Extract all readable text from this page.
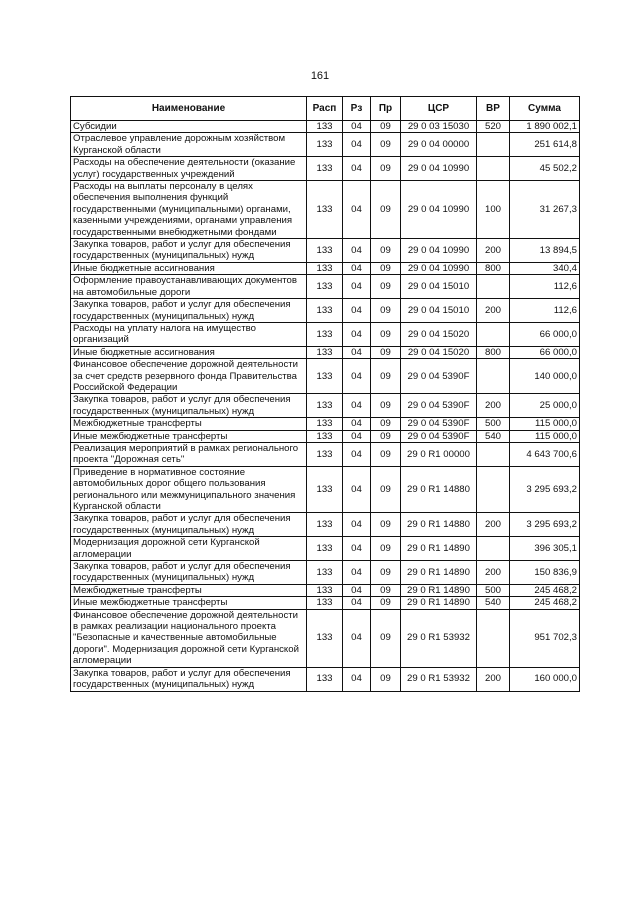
161
Наименование	Расп	Рз	Пр	ЦСР	ВР	Сумма
Субсидии	133	04	09	29 0 03 15030	520	1 890 002,1
Отраслевое управление дорожным хозяйством Курганской области	133	04	09	29 0 04 00000		251 614,8
Расходы на обеспечение деятельности (оказание услуг) государственных учреждений	133	04	09	29 0 04 10990		45 502,2
Расходы на выплаты персоналу в целях обеспечения выполнения функций государственными (муниципальными) органами, казенными учреждениями, органами управления государственными внебюджетными фондами	133	04	09	29 0 04 10990	100	31 267,3
Закупка товаров, работ и услуг для обеспечения государственных (муниципальных) нужд	133	04	09	29 0 04 10990	200	13 894,5
Иные бюджетные ассигнования	133	04	09	29 0 04 10990	800	340,4
Оформление правоустанавливающих документов на автомобильные дороги	133	04	09	29 0 04 15010		112,6
Закупка товаров, работ и услуг для обеспечения государственных (муниципальных) нужд	133	04	09	29 0 04 15010	200	112,6
Расходы на уплату налога на имущество организаций	133	04	09	29 0 04 15020		66 000,0
Иные бюджетные ассигнования	133	04	09	29 0 04 15020	800	66 000,0
Финансовое обеспечение дорожной деятельности за счет средств резервного фонда Правительства Российской Федерации	133	04	09	29 0 04 5390F		140 000,0
Закупка товаров, работ и услуг для обеспечения государственных (муниципальных) нужд	133	04	09	29 0 04 5390F	200	25 000,0
Межбюджетные трансферты	133	04	09	29 0 04 5390F	500	115 000,0
Иные межбюджетные трансферты	133	04	09	29 0 04 5390F	540	115 000,0
Реализация мероприятий в рамках регионального проекта "Дорожная сеть"	133	04	09	29 0 R1 00000		4 643 700,6
Приведение в нормативное состояние автомобильных дорог общего пользования регионального или межмуниципального значения Курганской области	133	04	09	29 0 R1 14880		3 295 693,2
Закупка товаров, работ и услуг для обеспечения государственных (муниципальных) нужд	133	04	09	29 0 R1 14880	200	3 295 693,2
Модернизация дорожной сети Курганской агломерации	133	04	09	29 0 R1 14890		396 305,1
Закупка товаров, работ и услуг для обеспечения государственных (муниципальных) нужд	133	04	09	29 0 R1 14890	200	150 836,9
Межбюджетные трансферты	133	04	09	29 0 R1 14890	500	245 468,2
Иные межбюджетные трансферты	133	04	09	29 0 R1 14890	540	245 468,2
Финансовое обеспечение дорожной деятельности в рамках реализации национального проекта "Безопасные и качественные автомобильные дороги". Модернизация дорожной сети Курганской агломерации	133	04	09	29 0 R1 53932		951 702,3
Закупка товаров, работ и услуг для обеспечения государственных (муниципальных) нужд	133	04	09	29 0 R1 53932	200	160 000,0
